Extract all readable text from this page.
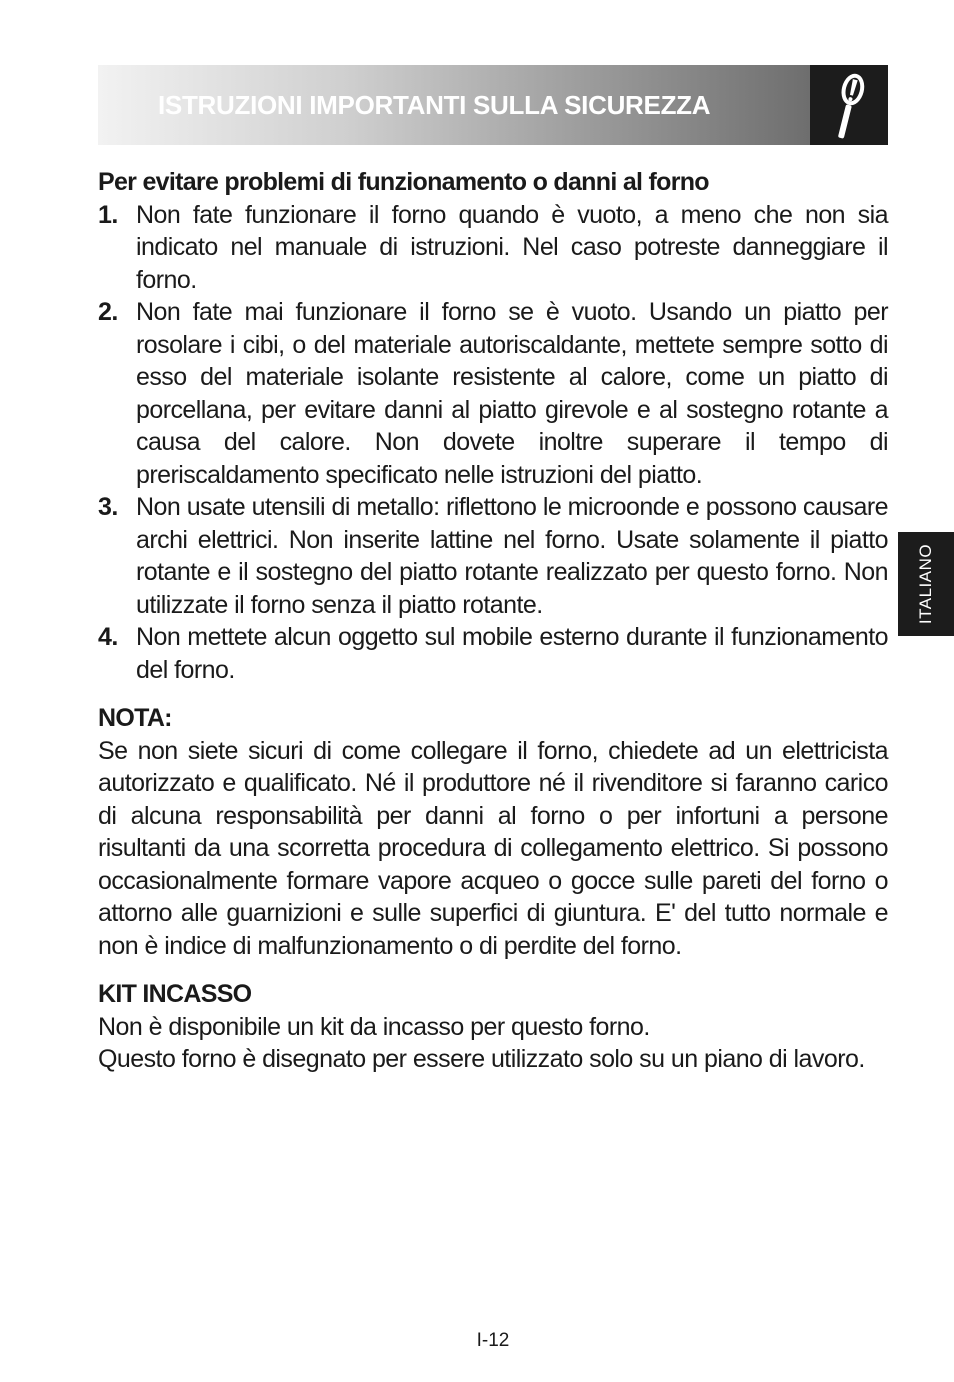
ISTRUZIONI IMPORTANTI SULLA SICUREZZA
Per evitare problemi di funzionamento o danni al forno
1. Non fate funzionare il forno quando è vuoto, a meno che non sia indicato nel manuale di istruzioni. Nel caso potreste danneggiare il forno.
2. Non fate mai funzionare il forno se è vuoto. Usando un piatto per rosolare i cibi, o del materiale autoriscaldante, mettete sempre sotto di esso del materiale isolante resistente al calore, come un piatto di porcellana, per evitare danni al piatto girevole e al sostegno rotante a causa del calore. Non dovete inoltre superare il tempo di preriscaldamento specificato nelle istruzioni del piatto.
3. Non usate utensili di metallo: riflettono le microonde e possono causare archi elettrici. Non inserite lattine nel forno. Usate solamente il piatto rotante e il sostegno del piatto rotante realizzato per questo forno. Non utilizzate il forno senza il piatto rotante.
4. Non mettete alcun oggetto sul mobile esterno durante il funzionamento del forno.
NOTA:

Se non siete sicuri di come collegare il forno, chiedete ad un elettricista autorizzato e qualificato. Né il produttore né il rivenditore si faranno carico di alcuna responsabilità per danni al forno o per infortuni a persone risultanti da una scorretta procedura di collegamento elettrico. Si possono occasionalmente formare vapore acqueo o gocce sulle pareti del forno o attorno alle guarnizioni e sulle superfici di giuntura. E' del tutto normale e non è indice di malfunzionamento o di perdite del forno.

KIT INCASSO

Non è disponibile un kit da incasso per questo forno.

Questo forno è disegnato per essere utilizzato solo su un piano di lavoro.

ITALIANO
I-12
